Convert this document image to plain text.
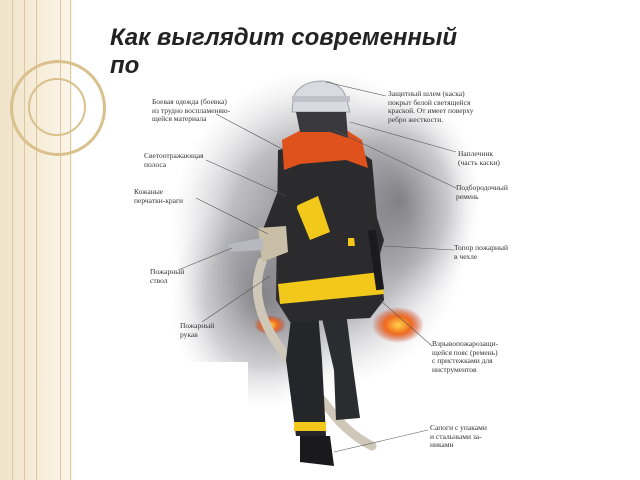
Как выглядит современный
по
Защитный шлем (каска)
покрыт белой светящейся
краской. От имеет поверху
ребро жесткости.
Боевая одежда (боевка)
из трудно воспламеняю-
щейся материала
Наплечник
(часть каски)
Светоотражающая
полоса
Подбородочный
ремень
Кожаные
перчатки-краги
Топор пожарный
в чехле
Пожарный
ствол
Пожарный
рукав
Взрывопожарозащи-
щейся пояс (ремень)
с пристежками для
инструментов
Сапоги с упаками
и стальными за-
никами
